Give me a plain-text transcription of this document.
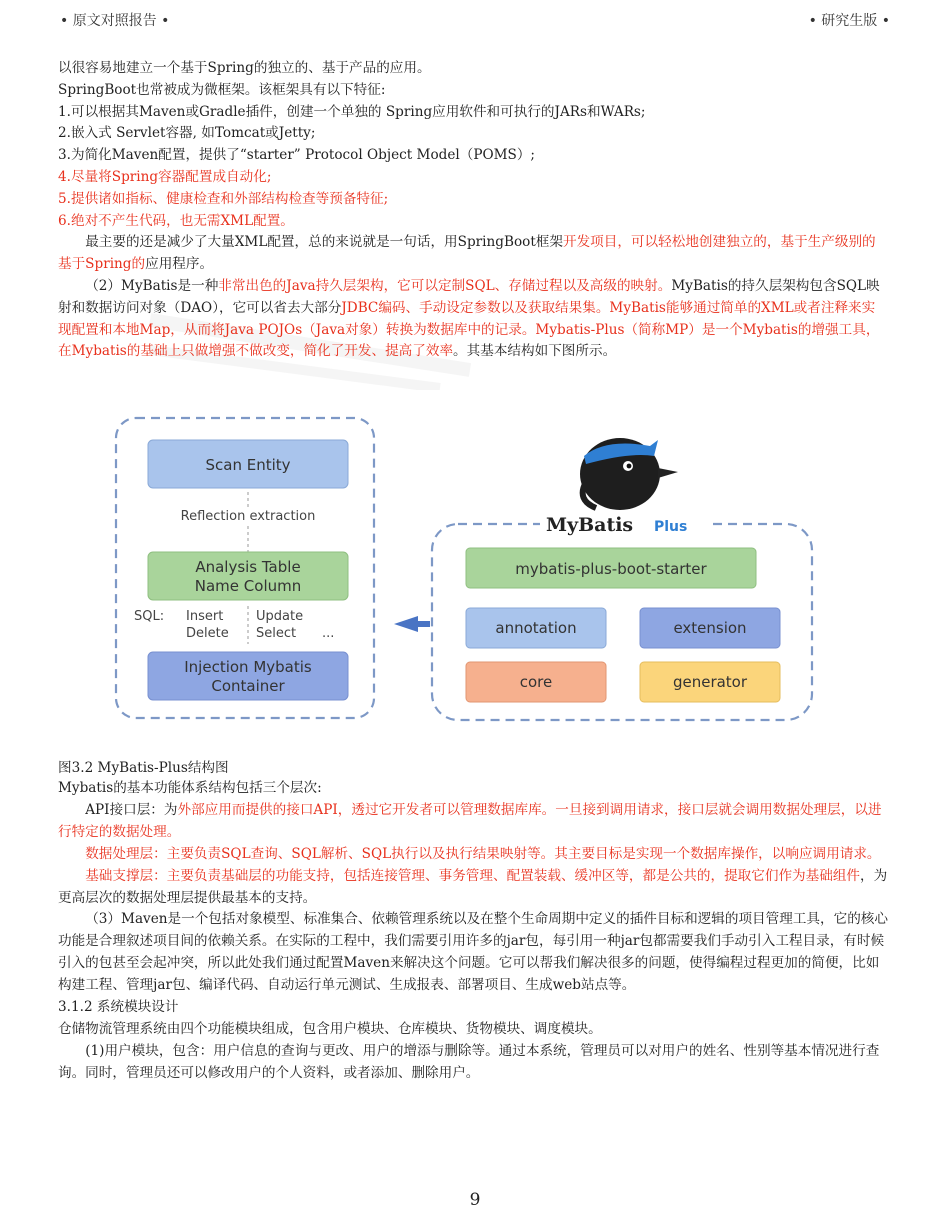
• 原文对照报告 •	• 研究生版 •

以很容易地建立一个基于Spring的独立的、基于产品的应用。

SpringBoot也常被成为微框架。该框架具有以下特征:

1.可以根据其Maven或Gradle插件，创建一个单独的 Spring应用软件和可执行的JARs和WARs;

2.嵌入式 Servlet容器, 如Tomcat或Jetty;

3.为简化Maven配置，提供了“starter” Protocol Object Model（POMS）;

4.尽量将Spring容器配置成自动化;

5.提供诸如指标、健康检查和外部结构检查等预备特征;

6.绝对不产生代码，也无需XML配置。

最主要的还是减少了大量XML配置，总的来说就是一句话，用SpringBoot框架开发项目，可以轻松地创建独立的，基于生产级别的基于Spring的应用程序。

（2）MyBatis是一种非常出色的Java持久层架构，它可以定制SQL、存储过程以及高级的映射。MyBatis的持久层架构包含SQL映射和数据访问对象（DAO），它可以省去大部分JDBC编码、手动设定参数以及获取结果集。MyBatis能够通过简单的XML或者注释来实现配置和本地Map，从而将Java POJOs（Java对象）转换为数据库中的记录。Mybatis-Plus（简称MP）是一个Mybatis的增强工具，在Mybatis的基础上只做增强不做改变，简化了开发、提高了效率。其基本结构如下图所示。

Scan Entity
Reflection extraction
Analysis Table
Name Column
SQL: Insert	Update
Delete Select ...
Injection Mybatis
Container
MyBatis Plus
mybatis-plus-boot-starter
annotation	extension
core	generator
图3.2 MyBatis-Plus结构图

Mybatis的基本功能体系结构包括三个层次:

API接口层：为外部应用而提供的接口API，透过它开发者可以管理数据库库。一旦接到调用请求，接口层就会调用数据处理层，以进行特定的数据处理。

数据处理层：主要负责SQL查询、SQL解析、SQL执行以及执行结果映射等。其主要目标是实现一个数据库操作，以响应调用请求。

基础支撑层：主要负责基础层的功能支持，包括连接管理、事务管理、配置装载、缓冲区等，都是公共的，提取它们作为基础组件，为更高层次的数据处理层提供最基本的支持。

（3）Maven是一个包括对象模型、标准集合、依赖管理系统以及在整个生命周期中定义的插件目标和逻辑的项目管理工具，它的核心功能是合理叙述项目间的依赖关系。在实际的工程中，我们需要引用许多的jar包，每引用一种jar包都需要我们手动引入工程目录，有时候引入的包甚至会起冲突，所以此处我们通过配置Maven来解决这个问题。它可以帮我们解决很多的问题，使得编程过程更加的简便，比如构建工程、管理jar包、编译代码、自动运行单元测试、生成报表、部署项目、生成web站点等。

3.1.2 系统模块设计

仓储物流管理系统由四个功能模块组成，包含用户模块、仓库模块、货物模块、调度模块。

(1)用户模块，包含：用户信息的查询与更改、用户的增添与删除等。通过本系统，管理员可以对用户的姓名、性别等基本情况进行查询。同时，管理员还可以修改用户的个人资料，或者添加、删除用户。

9
